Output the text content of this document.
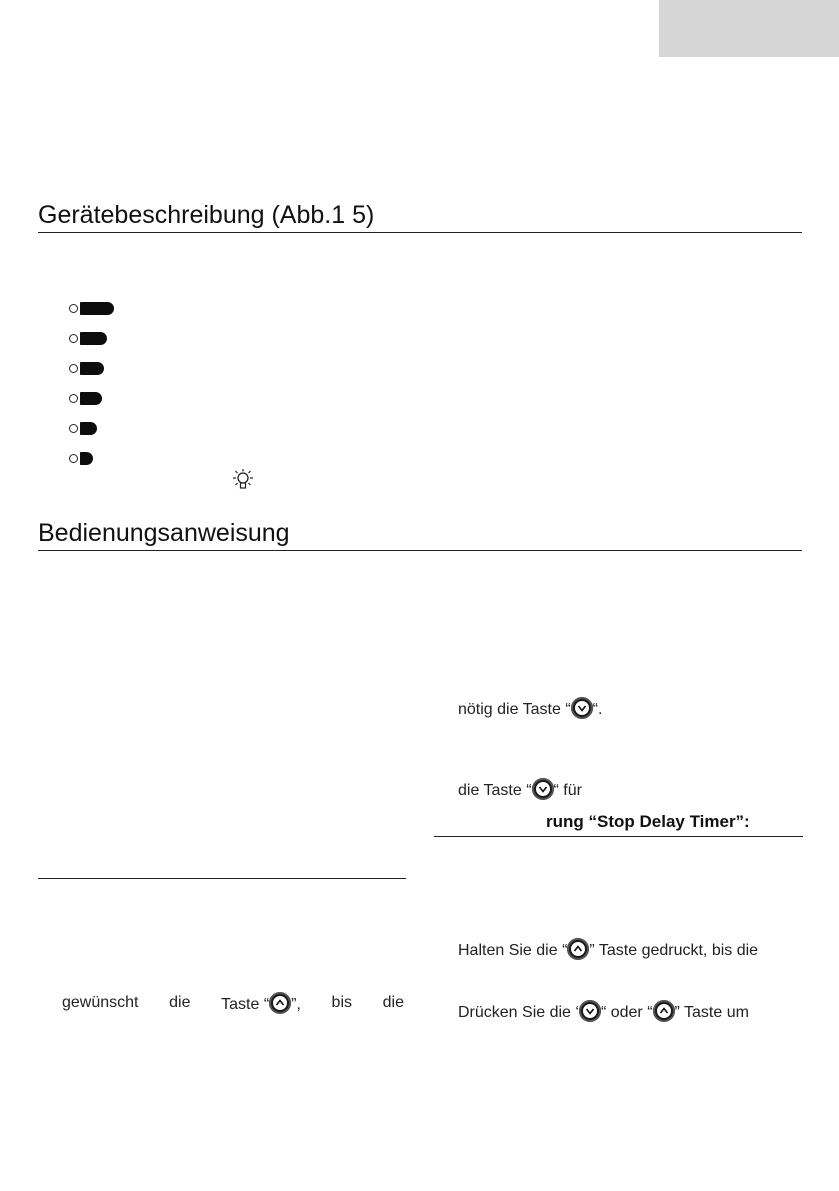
Gerätebeschreibung (Abb.1 5)
Bedienungsanweisung
nötig die Taste “ “.
die Taste “ “ für
rung “Stop Delay Timer”:
Halten Sie die “ ” Taste gedruckt, bis die
Drücken Sie die ‘ “ oder “ ” Taste um
gewünscht die Taste “ ”, bis die
